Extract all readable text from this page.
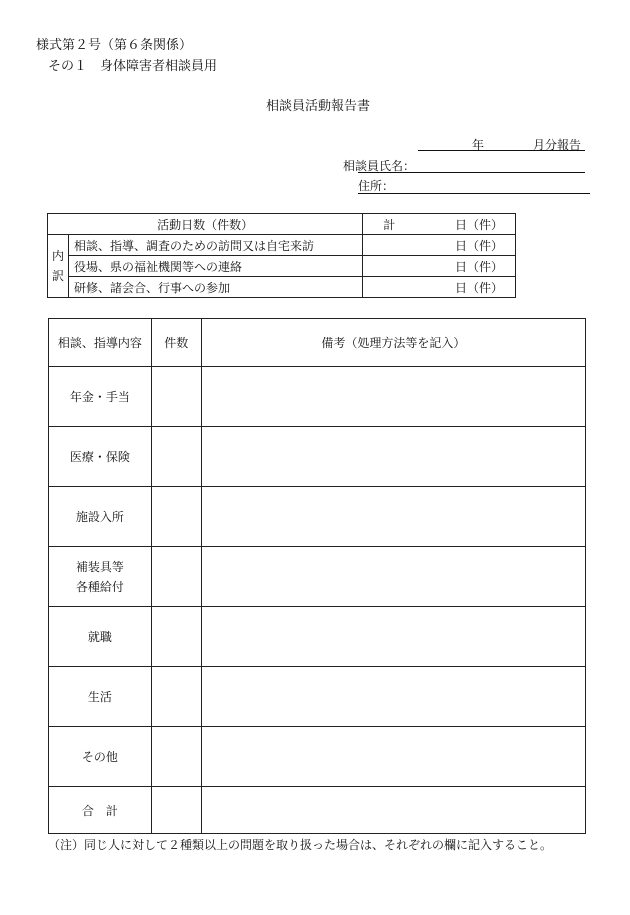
様式第２号（第６条関係）
その１　身体障害者相談員用
相談員活動報告書
年	月分報告
相談員氏名：
住所：
活動日数（件数）		計 日（件）

内
訳	相談、指導、調査のための訪問又は自宅来訪	日（件）
	役場、県の福祉機関等への連絡	日（件）
	研修、諸会合、行事への参加	日（件）
相談、指導内容	件数	備考（処理方法等を記入）
年金・手当		
医療・保険		
施設入所		

補装具等
各種給付		

就職		
生活		
その他		
合　計		
（注）同じ人に対して２種類以上の問題を取り扱った場合は、それぞれの欄に記入すること。
